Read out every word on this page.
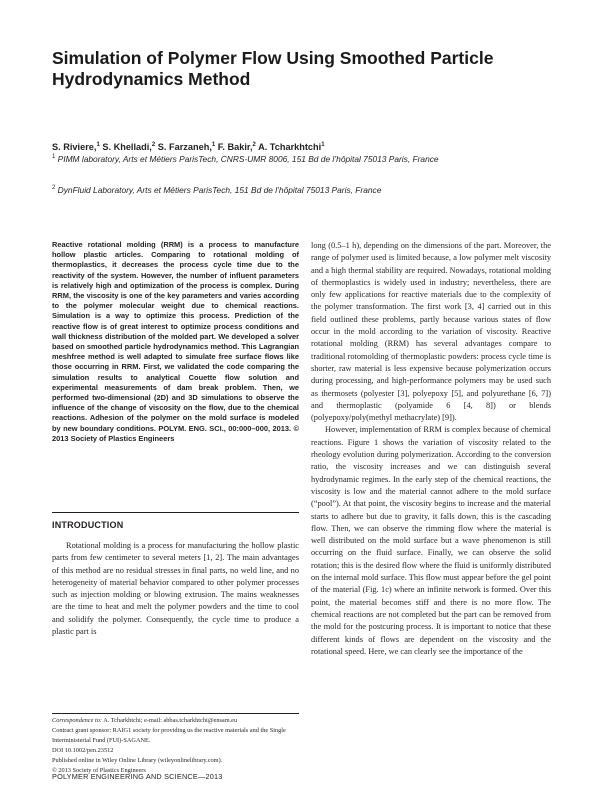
Simulation of Polymer Flow Using Smoothed Particle Hydrodynamics Method
S. Riviere,$^1$ S. Khelladi,$^2$ S. Farzaneh,$^1$ F. Bakir,$^2$ A. Tcharkhtchi$^1$
$^1$ PIMM laboratory, Arts et Métiers ParisTech, CNRS-UMR 8006, 151 Bd de l’hôpital 75013 Paris, France
$^2$ DynFluid Laboratory, Arts et Métiers ParisTech, 151 Bd de l’hôpital 75013 Paris, France

Reactive rotational molding (RRM) is a process to manufacture hollow plastic articles. Comparing to rotational molding of thermoplastics, it decreases the process cycle time due to the reactivity of the system. However, the number of influent parameters is relatively high and optimization of the process is complex. During RRM, the viscosity is one of the key parameters and varies according to the polymer molecular weight due to chemical reactions. Simulation is a way to optimize this process. Prediction of the reactive flow is of great interest to optimize process conditions and wall thickness distribution of the molded part. We developed a solver based on smoothed particle hydrodynamics method. This Lagrangian meshfree method is well adapted to simulate free surface flows like those occurring in RRM. First, we validated the code comparing the simulation results to analytical Couette flow solution and experimental measurements of dam break problem. Then, we performed two-dimensional (2D) and 3D simulations to observe the influence of the change of viscosity on the flow, due to the chemical reactions. Adhesion of the polymer on the mold surface is modeled by new boundary conditions. POLYM. ENG. SCI., 00:000–000, 2013. © 2013 Society of Plastics Engineers

INTRODUCTION

Rotational molding is a process for manufacturing the hollow plastic parts from few centimeter to several meters [1, 2]. The main advantages of this method are no residual stresses in final parts, no weld line, and no heterogeneity of material behavior compared to other polymer processes such as injection molding or blowing extrusion. The mains weaknesses are the time to heat and melt the polymer powders and the time to cool and solidify the polymer. Consequently, the cycle time to produce a plastic part is

Correspondence to: A. Tcharkhtchi; e-mail: abbas.tcharkhtchi@ensam.eu
Contract grant sponsor: RAIG1 society for providing us the reactive materials and the Single Interministerial Fund (FUI)-SAGANE.
DOI 10.1002/pen.23512
Published online in Wiley Online Library (wileyonlinelibrary.com).
© 2013 Society of Plastics Engineers

long (0.5–1 h), depending on the dimensions of the part. Moreover, the range of polymer used is limited because, a low polymer melt viscosity and a high thermal stability are required. Nowadays, rotational molding of thermoplastics is widely used in industry; nevertheless, there are only few applications for reactive materials due to the complexity of the polymer transformation. The first work [3, 4] carried out in this field outlined these problems, partly because various states of flow occur in the mold according to the variation of viscosity. Reactive rotational molding (RRM) has several advantages compare to traditional rotomolding of thermoplastic powders: process cycle time is shorter, raw material is less expensive because polymerization occurs during processing, and high-performance polymers may be used such as thermosets (polyester [3], polyepoxy [5], and polyurethane [6, 7]) and thermoplastic (polyamide 6 [4, 8]) or blends (polyepoxy/poly(methyl methacrylate) [9]).

However, implementation of RRM is complex because of chemical reactions. Figure 1 shows the variation of viscosity related to the rheology evolution during polymerization. According to the conversion ratio, the viscosity increases and we can distinguish several hydrodynamic regimes. In the early step of the chemical reactions, the viscosity is low and the material cannot adhere to the mold surface (“pool”). At that point, the viscosity begins to increase and the material starts to adhere but due to gravity, it falls down, this is the cascading flow. Then, we can observe the rimming flow where the material is well distributed on the mold surface but a wave phenomenon is still occurring on the fluid surface. Finally, we can observe the solid rotation; this is the desired flow where the fluid is uniformly distributed on the internal mold surface. This flow must appear before the gel point of the material (Fig. 1c) where an infinite network is formed. Over this point, the material becomes stiff and there is no more flow. The chemical reactions are not completed but the part can be removed from the mold for the postcuring process. It is important to notice that these different kinds of flows are dependent on the viscosity and the rotational speed. Here, we can clearly see the importance of the

POLYMER ENGINEERING AND SCIENCE—2013
